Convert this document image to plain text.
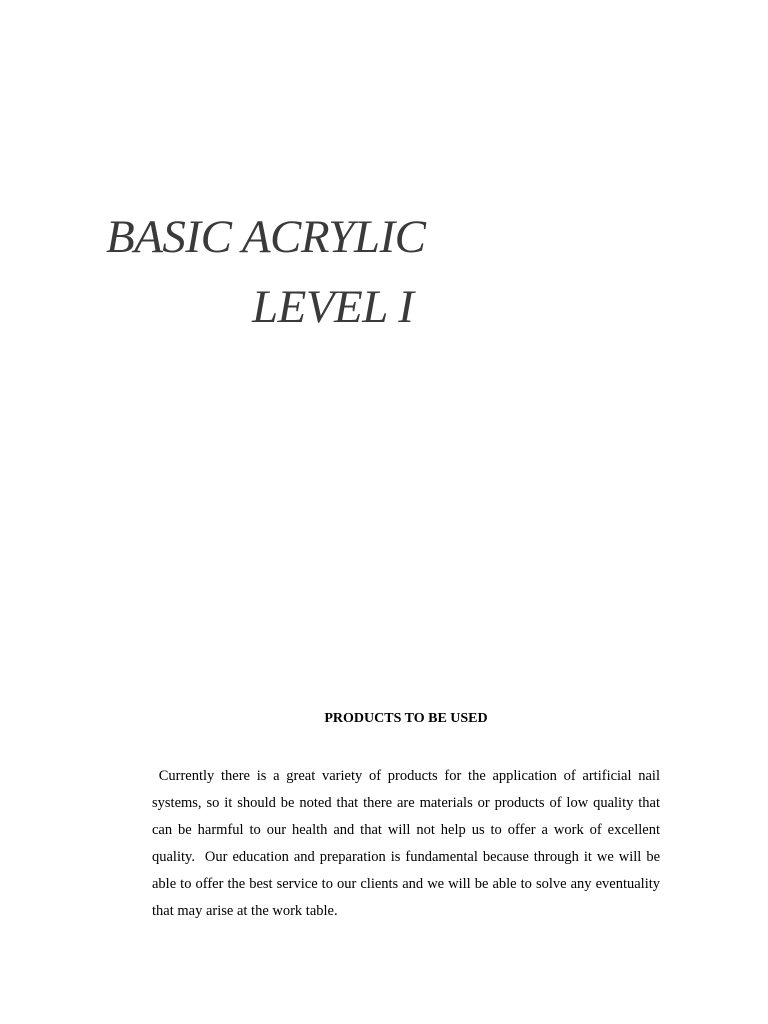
BASIC ACRYLIC
LEVEL I
PRODUCTS TO BE USED

Currently there is a great variety of products for the application of artificial nail systems, so it should be noted that there are materials or products of low quality that can be harmful to our health and that will not help us to offer a work of excellent quality.  Our education and preparation is fundamental because through it we will be able to offer the best service to our clients and we will be able to solve any eventuality that may arise at the work table.
